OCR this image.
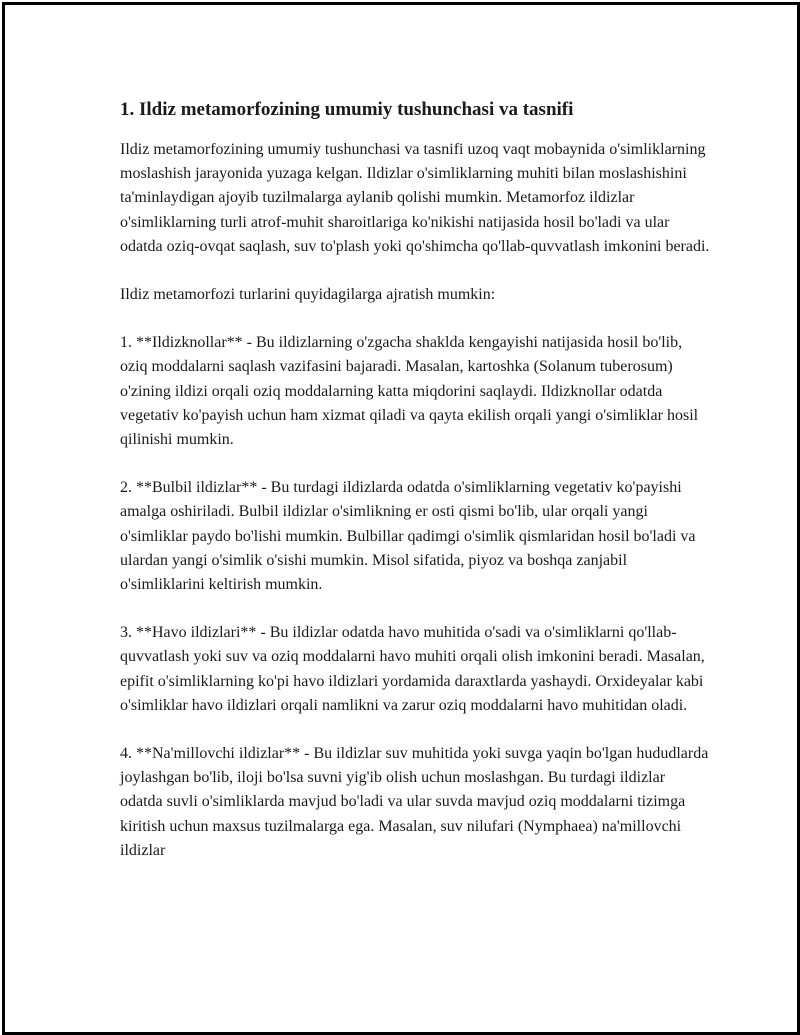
1. Ildiz metamorfozining umumiy tushunchasi va tasnifi

Ildiz metamorfozining umumiy tushunchasi va tasnifi uzoq vaqt mobaynida o'simliklarning moslashish jarayonida yuzaga kelgan. Ildizlar o'simliklarning muhiti bilan moslashishini ta'minlaydigan ajoyib tuzilmalarga aylanib qolishi mumkin. Metamorfoz ildizlar o'simliklarning turli atrof-muhit sharoitlariga ko'nikishi natijasida hosil bo'ladi va ular odatda oziq-ovqat saqlash, suv to'plash yoki qo'shimcha qo'llab-quvvatlash imkonini beradi.

Ildiz metamorfozi turlarini quyidagilarga ajratish mumkin:

1. **Ildizknollar** - Bu ildizlarning o'zgacha shaklda kengayishi natijasida hosil bo'lib, oziq moddalarni saqlash vazifasini bajaradi. Masalan, kartoshka (Solanum tuberosum) o'zining ildizi orqali oziq moddalarning katta miqdorini saqlaydi. Ildizknollar odatda vegetativ ko'payish uchun ham xizmat qiladi va qayta ekilish orqali yangi o'simliklar hosil qilinishi mumkin.

2. **Bulbil ildizlar** - Bu turdagi ildizlarda odatda o'simliklarning vegetativ ko'payishi amalga oshiriladi. Bulbil ildizlar o'simlikning er osti qismi bo'lib, ular orqali yangi o'simliklar paydo bo'lishi mumkin. Bulbillar qadimgi o'simlik qismlaridan hosil bo'ladi va ulardan yangi o'simlik o'sishi mumkin. Misol sifatida, piyoz va boshqa zanjabil o'simliklarini keltirish mumkin.

3. **Havo ildizlari** - Bu ildizlar odatda havo muhitida o'sadi va o'simliklarni qo'llab-quvvatlash yoki suv va oziq moddalarni havo muhiti orqali olish imkonini beradi. Masalan, epifit o'simliklarning ko'pi havo ildizlari yordamida daraxtlarda yashaydi. Orxideyalar kabi o'simliklar havo ildizlari orqali namlikni va zarur oziq moddalarni havo muhitidan oladi.

4. **Na'millovchi ildizlar** - Bu ildizlar suv muhitida yoki suvga yaqin bo'lgan hududlarda joylashgan bo'lib, iloji bo'lsa suvni yig'ib olish uchun moslashgan. Bu turdagi ildizlar odatda suvli o'simliklarda mavjud bo'ladi va ular suvda mavjud oziq moddalarni tizimga kiritish uchun maxsus tuzilmalarga ega. Masalan, suv nilufari (Nymphaea) na'millovchi ildizlar
